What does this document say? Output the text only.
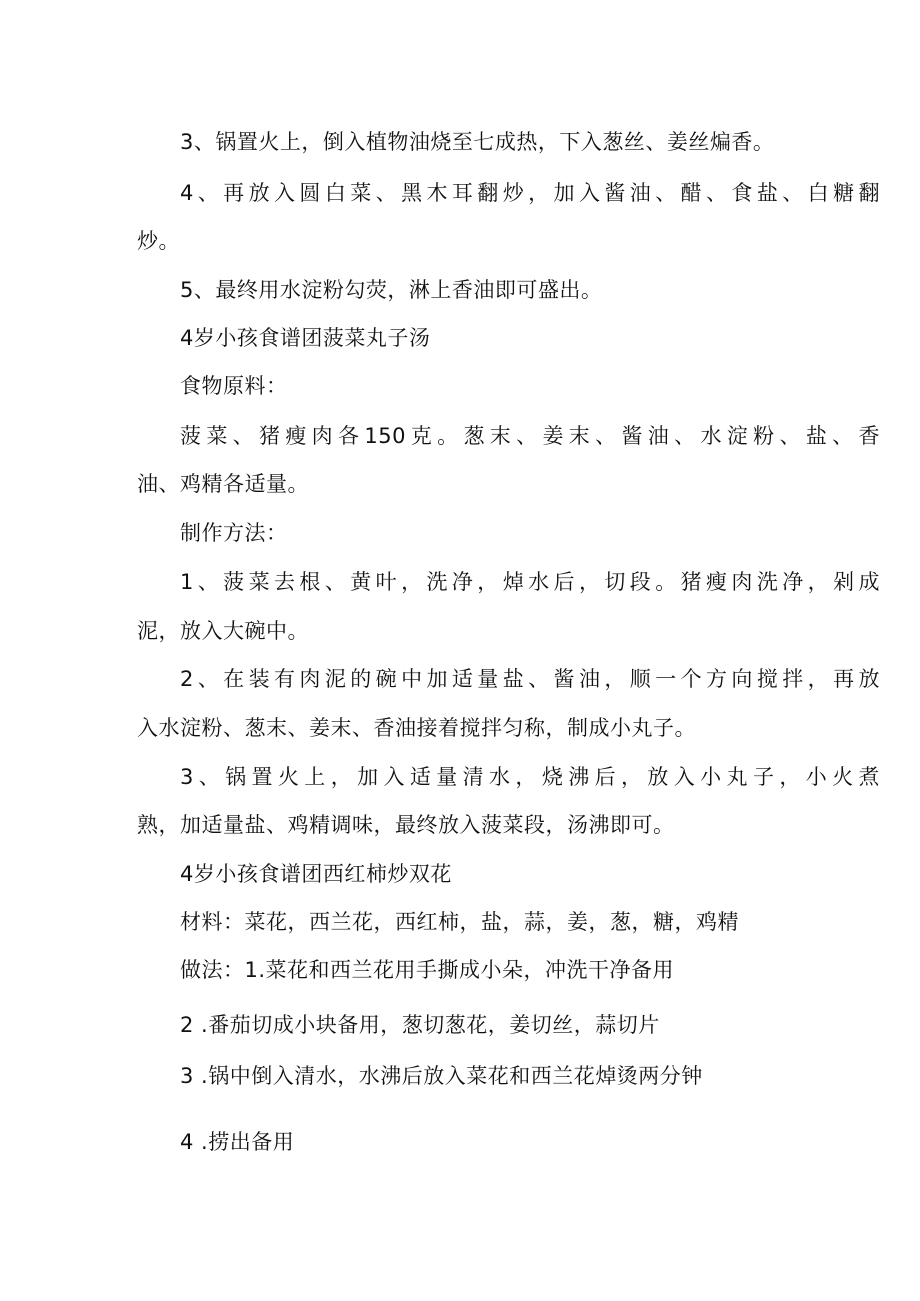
3、锅置火上，倒入植物油烧至七成热，下入葱丝、姜丝煸香。
4、再放入圆白菜、黑木耳翻炒，加入酱油、醋、食盐、白糖翻
炒。
5、最终用水淀粉勾荧，淋上香油即可盛出。
4岁小孩食谱团菠菜丸子汤
食物原料：
菠菜、猪瘦肉各150克。葱末、姜末、酱油、水淀粉、盐、香
油、鸡精各适量。
制作方法：
1、菠菜去根、黄叶，洗净，焯水后，切段。猪瘦肉洗净，剁成
泥，放入大碗中。
2、在装有肉泥的碗中加适量盐、酱油，顺一个方向搅拌，再放
入水淀粉、葱末、姜末、香油接着搅拌匀称，制成小丸子。
3、锅置火上，加入适量清水，烧沸后，放入小丸子，小火煮
熟，加适量盐、鸡精调味，最终放入菠菜段，汤沸即可。
4岁小孩食谱团西红柿炒双花
材料：菜花，西兰花，西红柿，盐，蒜，姜，葱，糖，鸡精
做法：1.菜花和西兰花用手撕成小朵，冲洗干净备用
2 .番茄切成小块备用，葱切葱花，姜切丝，蒜切片
3 .锅中倒入清水，水沸后放入菜花和西兰花焯烫两分钟
4 .捞出备用
